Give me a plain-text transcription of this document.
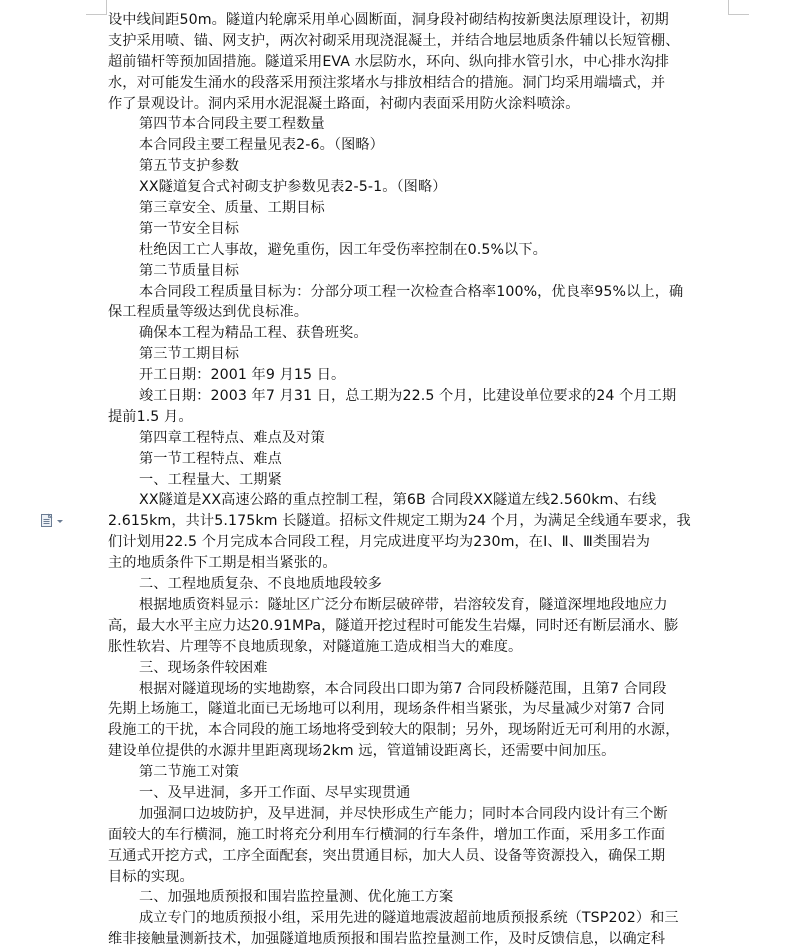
设中线间距50m。隧道内轮廓采用单心圆断面，洞身段衬砌结构按新奥法原理设计，初期
支护采用喷、锚、网支护，两次衬砌采用现浇混凝土，并结合地层地质条件辅以长短管棚、
超前锚杆等预加固措施。隧道采用EVA 水层防水，环向、纵向排水管引水，中心排水沟排
水，对可能发生涌水的段落采用预注浆堵水与排放相结合的措施。洞门均采用端墙式，并
作了景观设计。洞内采用水泥混凝土路面，衬砌内表面采用防火涂料喷涂。
第四节本合同段主要工程数量
本合同段主要工程量见表2-6。（图略）
第五节支护参数
XX隧道复合式衬砌支护参数见表2-5-1。（图略）
第三章安全、质量、工期目标
第一节安全目标
杜绝因工亡人事故，避免重伤，因工年受伤率控制在0.5%以下。
第二节质量目标
本合同段工程质量目标为：分部分项工程一次检查合格率100%，优良率95%以上，确
保工程质量等级达到优良标准。
确保本工程为精品工程、获鲁班奖。
第三节工期目标
开工日期：2001 年9 月15 日。
竣工日期：2003 年7 月31 日，总工期为22.5 个月，比建设单位要求的24 个月工期
提前1.5 月。
第四章工程特点、难点及对策
第一节工程特点、难点
一、工程量大、工期紧
XX隧道是XX高速公路的重点控制工程，第6B 合同段XX隧道左线2.560km、右线
2.615km，共计5.175km 长隧道。招标文件规定工期为24 个月，为满足全线通车要求，我
们计划用22.5 个月完成本合同段工程，月完成进度平均为230m，在Ⅰ、Ⅱ、Ⅲ类围岩为
主的地质条件下工期是相当紧张的。
二、工程地质复杂、不良地质地段较多
根据地质资料显示：隧址区广泛分布断层破碎带，岩溶较发育，隧道深埋地段地应力
高，最大水平主应力达20.91MPa，隧道开挖过程时可能发生岩爆，同时还有断层涌水、膨
胀性软岩、片理等不良地质现象，对隧道施工造成相当大的难度。
三、现场条件较困难
根据对隧道现场的实地勘察，本合同段出口即为第7 合同段桥隧范围，且第7 合同段
先期上场施工，隧道北面已无场地可以利用，现场条件相当紧张，为尽量减少对第7 合同
段施工的干扰，本合同段的施工场地将受到较大的限制；另外，现场附近无可利用的水源，
建设单位提供的水源井里距离现场2km 远，管道铺设距离长，还需要中间加压。
第二节施工对策
一、及早进洞，多开工作面、尽早实现贯通
加强洞口边坡防护，及早进洞，并尽快形成生产能力；同时本合同段内设计有三个断
面较大的车行横洞，施工时将充分利用车行横洞的行车条件，增加工作面，采用多工作面
互通式开挖方式，工序全面配套，突出贯通目标，加大人员、设备等资源投入，确保工期
目标的实现。
二、加强地质预报和围岩监控量测、优化施工方案
成立专门的地质预报小组，采用先进的隧道地震波超前地质预报系统（TSP202）和三
维非接触量测新技术，加强隧道地质预报和围岩监控量测工作，及时反馈信息，以确定科
